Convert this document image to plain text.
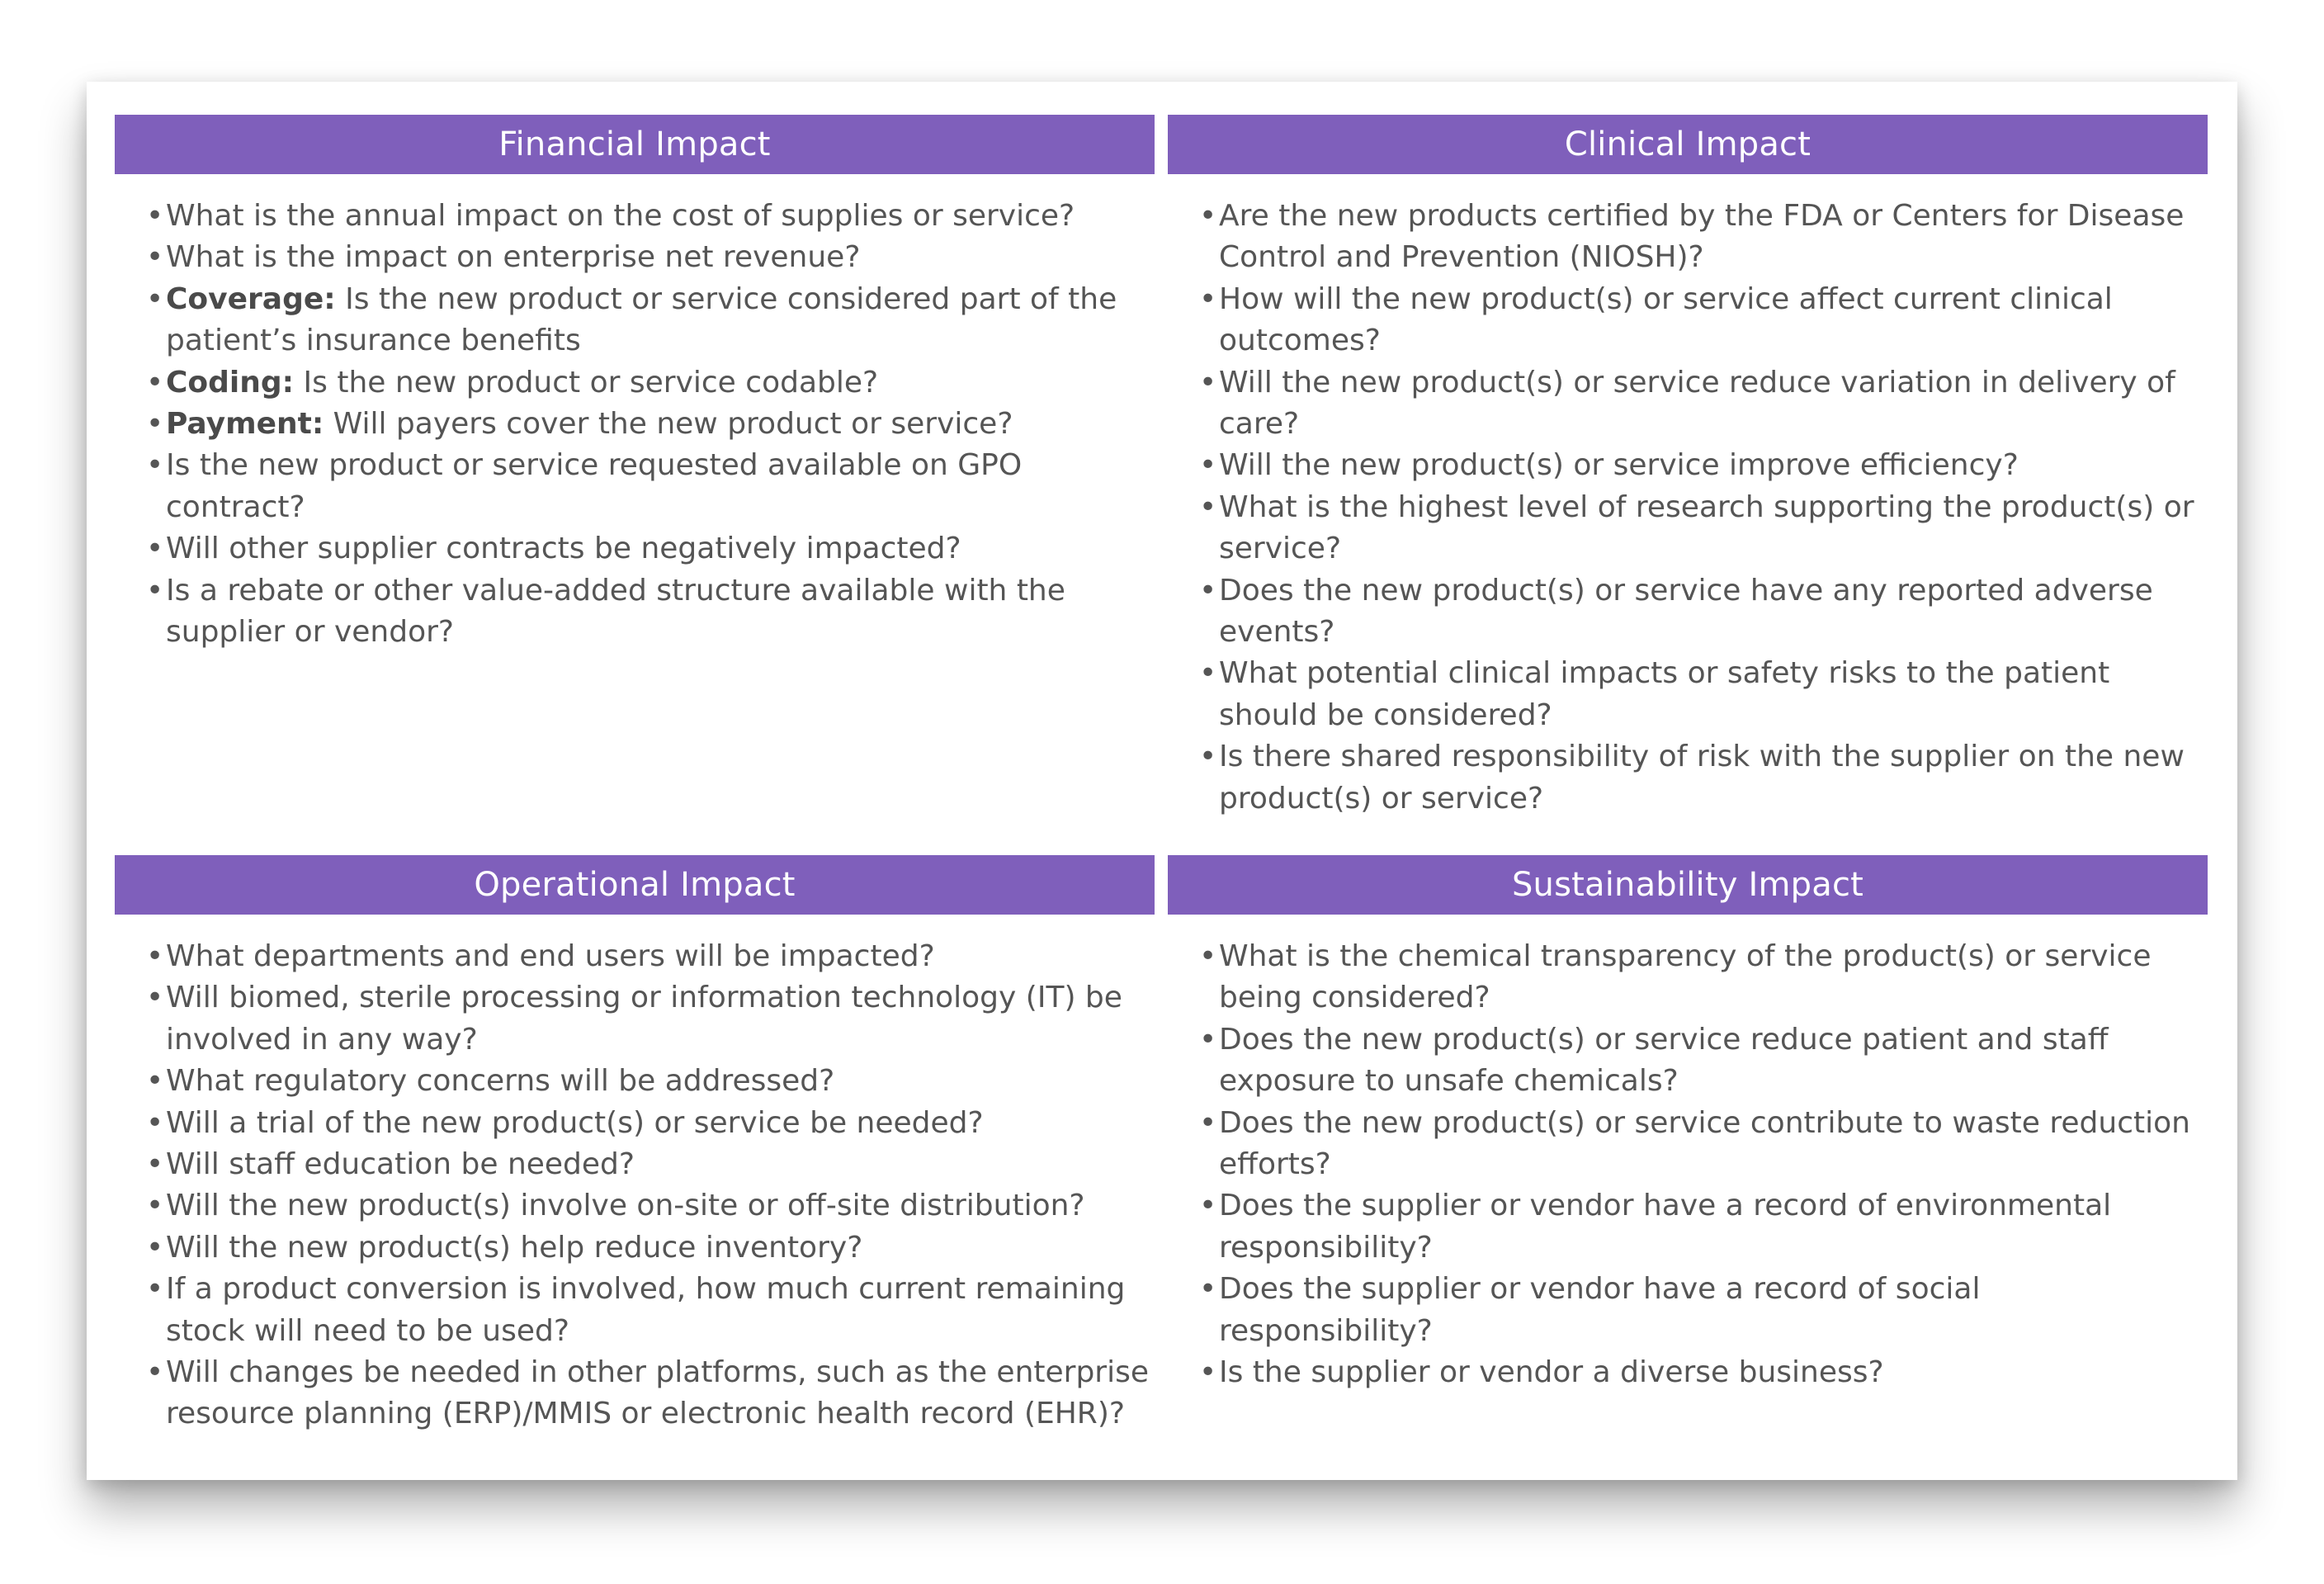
Financial Impact
• What is the annual impact on the cost of supplies or service?
• What is the impact on enterprise net revenue?
• Coverage: Is the new product or service considered part of the patient’s insurance benefits
• Coding: Is the new product or service codable?
• Payment: Will payers cover the new product or service?
• Is the new product or service requested available on GPO contract?
• Will other supplier contracts be negatively impacted?
• Is a rebate or other value-added structure available with the supplier or vendor?
Clinical Impact
• Are the new products certified by the FDA or Centers for Disease Control and Prevention (NIOSH)?
• How will the new product(s) or service affect current clinical outcomes?
• Will the new product(s) or service reduce variation in delivery of care?
• Will the new product(s) or service improve efficiency?
• What is the highest level of research supporting the product(s) or service?
• Does the new product(s) or service have any reported adverse events?
• What potential clinical impacts or safety risks to the patient should be considered?
• Is there shared responsibility of risk with the supplier on the new product(s) or service?
Operational Impact
• What departments and end users will be impacted?
• Will biomed, sterile processing or information technology (IT) be involved in any way?
• What regulatory concerns will be addressed?
• Will a trial of the new product(s) or service be needed?
• Will staff education be needed?
• Will the new product(s) involve on-site or off-site distribution?
• Will the new product(s) help reduce inventory?
• If a product conversion is involved, how much current remaining stock will need to be used?
• Will changes be needed in other platforms, such as the enterprise resource planning (ERP)/MMIS or electronic health record (EHR)?
Sustainability Impact
• What is the chemical transparency of the product(s) or service being considered?
• Does the new product(s) or service reduce patient and staff exposure to unsafe chemicals?
• Does the new product(s) or service contribute to waste reduction efforts?
• Does the supplier or vendor have a record of environmental responsibility?
• Does the supplier or vendor have a record of social responsibility?
• Is the supplier or vendor a diverse business?
